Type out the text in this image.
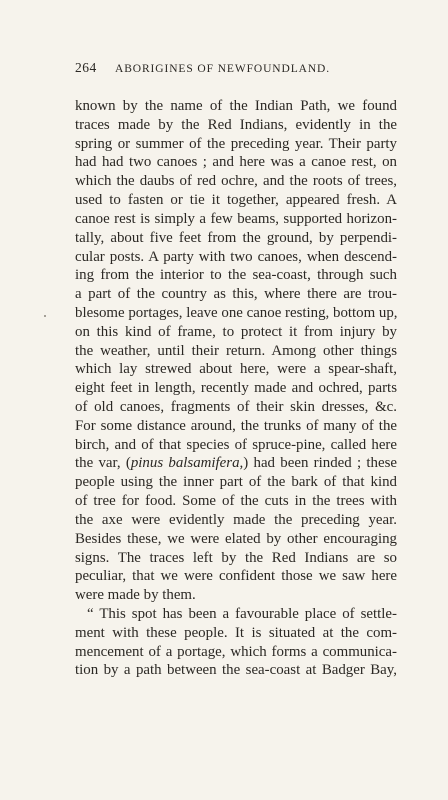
264 ABORIGINES OF NEWFOUNDLAND.
known by the name of the Indian Path, we found
traces made by the Red Indians, evidently in the
spring or summer of the preceding year. Their party
had had two canoes ; and here was a canoe rest, on
which the daubs of red ochre, and the roots of trees,
used to fasten or tie it together, appeared fresh. A
canoe rest is simply a few beams, supported horizon-
tally, about five feet from the ground, by perpendi-
cular posts. A party with two canoes, when descend-
ing from the interior to the sea-coast, through such
a part of the country as this, where there are trou-
blesome portages, leave one canoe resting, bottom up,
on this kind of frame, to protect it from injury by
the weather, until their return. Among other things
which lay strewed about here, were a spear-shaft,
eight feet in length, recently made and ochred, parts
of old canoes, fragments of their skin dresses, &c.
For some distance around, the trunks of many of the
birch, and of that species of spruce-pine, called here
the var, (pinus balsamifera,) had been rinded ; these
people using the inner part of the bark of that kind
of tree for food. Some of the cuts in the trees with
the axe were evidently made the preceding year.
Besides these, we were elated by other encouraging
signs. The traces left by the Red Indians are so
peculiar, that we were confident those we saw here
were made by them.
“ This spot has been a favourable place of settle-
ment with these people. It is situated at the com-
mencement of a portage, which forms a communica-
tion by a path between the sea-coast at Badger Bay,
